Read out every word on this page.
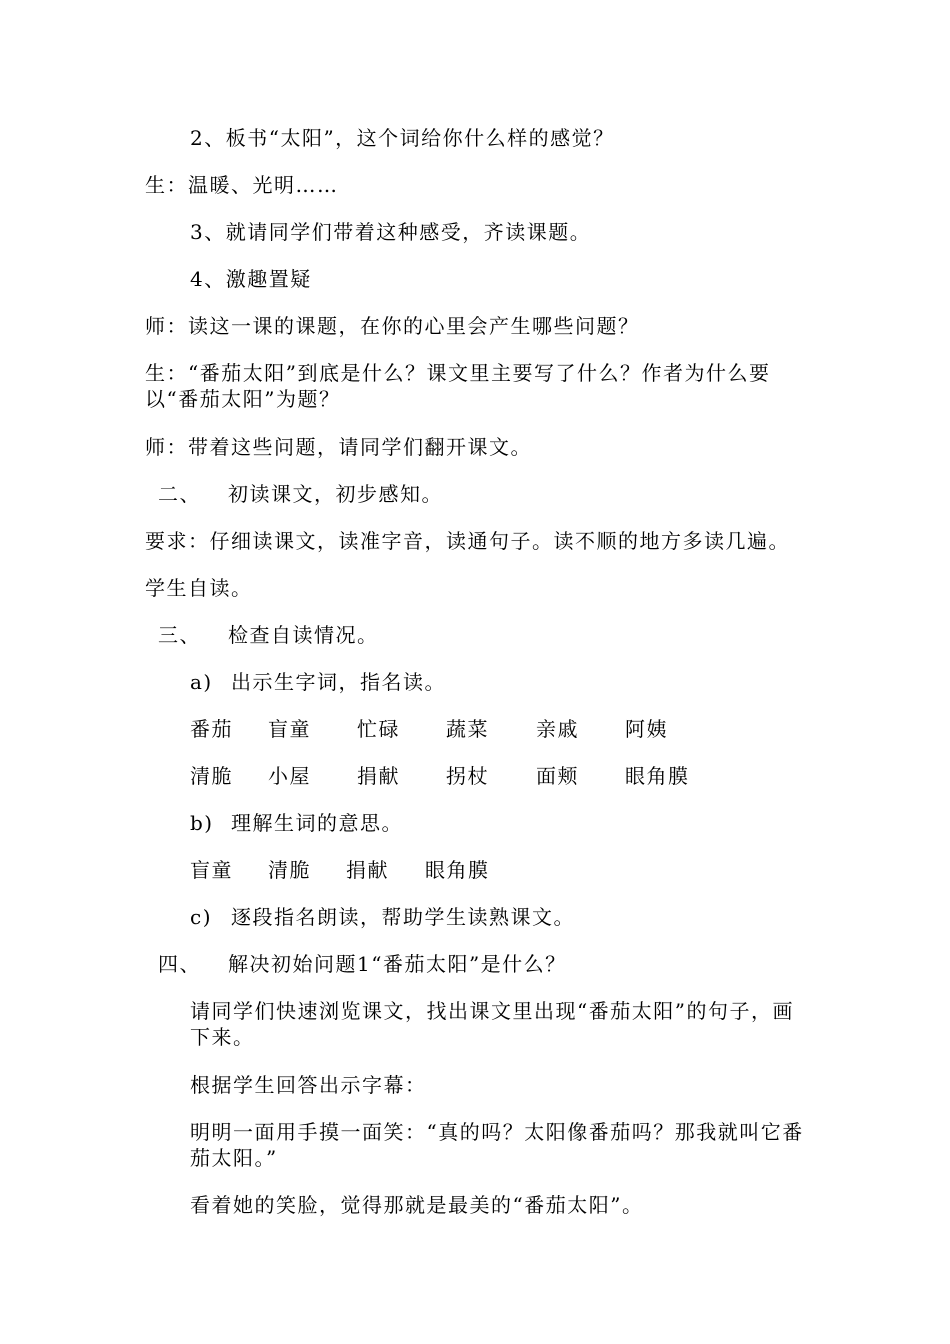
2、板书“太阳”，这个词给你什么样的感觉？
生：温暖、光明……
3、就请同学们带着这种感受，齐读课题。
4、激趣置疑
师：读这一课的课题，在你的心里会产生哪些问题？
生：“番茄太阳”到底是什么？课文里主要写了什么？作者为什么要以“番茄太阳”为题？
师：带着这些问题，请同学们翻开课文。
二、 初读课文，初步感知。
要求：仔细读课文，读准字音，读通句子。读不顺的地方多读几遍。
学生自读。
三、 检查自读情况。
a) 出示生字词，指名读。
番茄 盲童 忙碌 蔬菜 亲戚 阿姨
清脆 小屋 捐献 拐杖 面颊 眼角膜
b) 理解生词的意思。
盲童 清脆 捐献 眼角膜
c) 逐段指名朗读，帮助学生读熟课文。
四、 解决初始问题1“番茄太阳”是什么？
请同学们快速浏览课文，找出课文里出现“番茄太阳”的句子，画下来。
根据学生回答出示字幕：
明明一面用手摸一面笑：“真的吗？太阳像番茄吗？那我就叫它番茄太阳。”
看着她的笑脸，觉得那就是最美的“番茄太阳”。
